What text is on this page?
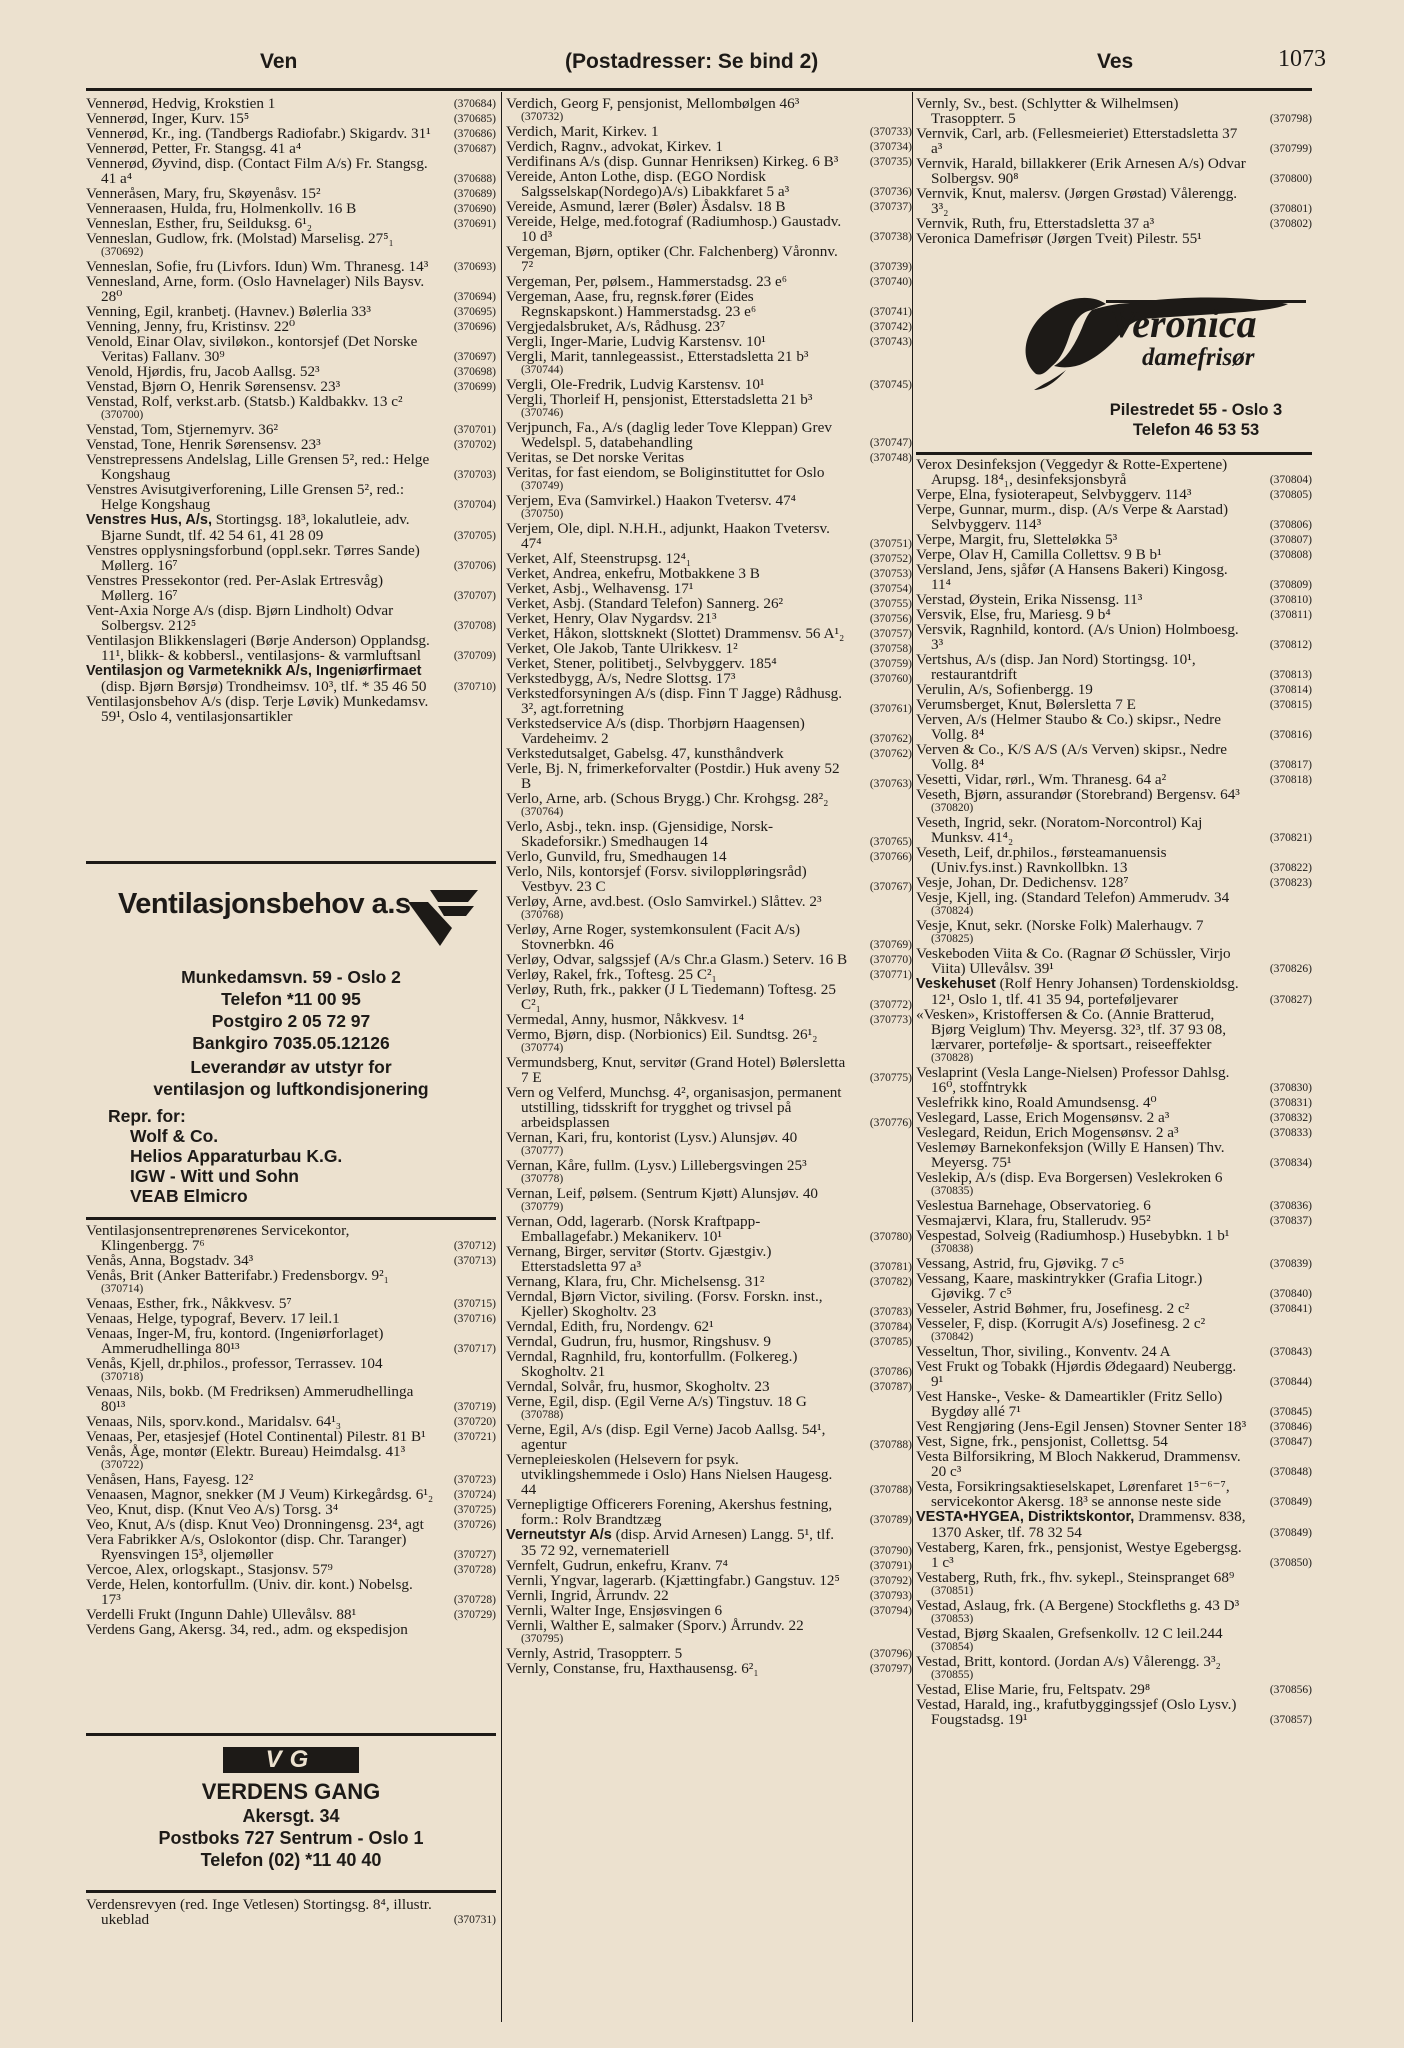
Ven	(Postadresser: Se bind 2)	Ves	1073
Vennerød, Hedvig, Krokstien 1	(370684)
Vennerød, Inger, Kurv. 15⁵	(370685)
Vennerød, Kr., ing. (Tandbergs Radiofabr.) Skigardv. 31¹ (370686)
Vennerød, Petter, Fr. Stangsg. 41 a⁴	(370687)
Vennerød, Øyvind, disp. (Contact Film A/s) Fr. Stangsg. 41 a⁴	(370688)
Venneråsen, Mary, fru, Skøyenåsv. 15²	(370689)
Venneraasen, Hulda, fru, Holmenkollv. 16 B	(370690)
Venneslan, Esther, fru, Seilduksg. 6¹₂	(370691)
Venneslan, Gudlow, frk. (Molstad) Marselisg. 27⁵₁
(370692)
Venneslan, Sofie, fru (Livfors. Idun) Wm. Thranesg. 14³ (370693)
Vennesland, Arne, form. (Oslo Havnelager) Nils Baysv. 28⁰	(370694)
Venning, Egil, kranbetj. (Havnev.) Bølerlia 33³	(370695)
Venning, Jenny, fru, Kristinsv. 22⁰	(370696)
Venold, Einar Olav, siviløkon., kontorsjef (Det Norske Veritas) Fallanv. 30⁹	(370697)
Venold, Hjørdis, fru, Jacob Aallsg. 52³	(370698)
Venstad, Bjørn O, Henrik Sørensensv. 23³	(370699)
Venstad, Rolf, verkst.arb. (Statsb.) Kaldbakkv. 13 c²
(370700)
Venstad, Tom, Stjernemyrv. 36²	(370701)
Venstad, Tone, Henrik Sørensensv. 23³	(370702)
Venstrepressens Andelslag, Lille Grensen 5², red.: Helge Kongshaug	(370703)
Venstres Avisutgiverforening, Lille Grensen 5², red.: Helge Kongshaug	(370704)
Venstres Hus, A/s, Stortingsg. 18³, lokalutleie, adv. Bjarne Sundt, tlf. 42 54 61, 41 28 09	(370705)
Venstres opplysningsforbund (oppl.sekr. Tørres Sande) Møllerg. 16⁷	(370706)
Venstres Pressekontor (red. Per-Aslak Ertresvåg) Møllerg. 16⁷	(370707)
Vent-Axia Norge A/s (disp. Bjørn Lindholt) Odvar Solbergsv. 212⁵	(370708)
Ventilasjon Blikkenslageri (Børje Anderson) Opplandsg. 11¹, blikk- & kobbersl., ventilasjons- & varmluftsanl	(370709)
Ventilasjon og Varmeteknikk A/s, Ingeniørfirmaet (disp. Bjørn Børsjø) Trondheimsv. 10³, tlf. * 35 46 50 (370710)
Ventilasjonsbehov A/s (disp. Terje Løvik) Munkedamsv. 59¹, Oslo 4, ventilasjonsartikler
Ventilasjonsbehov a.s
Munkedamsvn. 59 - Oslo 2
Telefon *11 00 95
Postgiro 2 05 72 97
Bankgiro 7035.05.12126
Leverandør av utstyr for
ventilasjon og luftkondisjonering
Repr. for:
Wolf & Co.
Helios Apparaturbau K.G.
IGW - Witt und Sohn
VEAB Elmicro
Ventilasjonsentreprenørenes Servicekontor, Klingenbergg. 7⁶	(370712)
Venås, Anna, Bogstadv. 34³	(370713)
Venås, Brit (Anker Batterifabr.) Fredensborgv. 9²₁
(370714)
Venaas, Esther, frk., Nåkkvesv. 5⁷	(370715)
Venaas, Helge, typograf, Beverv. 17 leil.1	(370716)
Venaas, Inger-M, fru, kontord. (Ingeniørforlaget) Ammerudhellinga 80¹³	(370717)
Venås, Kjell, dr.philos., professor, Terrassev. 104
(370718)
Venaas, Nils, bokb. (M Fredriksen) Ammerudhellinga 80¹³	(370719)
Venaas, Nils, sporv.kond., Maridalsv. 64¹₃	(370720)
Venaas, Per, etasjesjef (Hotel Continental) Pilestr. 81 B¹ (370721)
Venås, Åge, montør (Elektr. Bureau) Heimdalsg. 41³
(370722)
Venåsen, Hans, Fayesg. 12²	(370723)
Venaasen, Magnor, snekker (M J Veum) Kirkegårdsg. 6¹₂ (370724)
Veo, Knut, disp. (Knut Veo A/s) Torsg. 3⁴	(370725)
Veo, Knut, A/s (disp. Knut Veo) Dronningensg. 23⁴, agt	(370726)
Vera Fabrikker A/s, Oslokontor (disp. Chr. Taranger) Ryensvingen 15³, oljemøller	(370727)
Vercoe, Alex, orlogskapt., Stasjonsv. 57⁹	(370728)
Verde, Helen, kontorfullm. (Univ. dir. kont.) Nobelsg. 17³	(370728)
Verdelli Frukt (Ingunn Dahle) Ullevålsv. 88¹	(370729)
Verdens Gang, Akersg. 34, red., adm. og ekspedisjon
VG
VERDENS GANG
Akersgt. 34
Postboks 727 Sentrum - Oslo 1
Telefon (02) *11 40 40
Verdensrevyen (red. Inge Vetlesen) Stortingsg. 8⁴, illustr. ukeblad	(370731)
Verdich, Georg F, pensjonist, Mellombølgen 46³
(370732)
Verdich, Marit, Kirkev. 1	(370733)
Verdich, Ragnv., advokat, Kirkev. 1	(370734)
Verdifinans A/s (disp. Gunnar Henriksen) Kirkeg. 6 B³	(370735)
Vereide, Anton Lothe, disp. (EGO Nordisk Salgsselskap(Nordego)A/s) Libakkfaret 5 a³	(370736)
Vereide, Asmund, lærer (Bøler) Åsdalsv. 18 B	(370737)
Vereide, Helge, med.fotograf (Radiumhosp.) Gaustadv. 10 d³	(370738)
Vergeman, Bjørn, optiker (Chr. Falchenberg) Våronnv. 7²	(370739)
Vergeman, Per, pølsem., Hammerstadsg. 23 e⁶	(370740)
Vergeman, Aase, fru, regnsk.fører (Eides Regnskapskont.) Hammerstadsg. 23 e⁶	(370741)
Vergjedalsbruket, A/s, Rådhusg. 23⁷	(370742)
Vergli, Inger-Marie, Ludvig Karstensv. 10¹	(370743)
Vergli, Marit, tannlegeassist., Etterstadsletta 21 b³
(370744)
Vergli, Ole-Fredrik, Ludvig Karstensv. 10¹	(370745)
Vergli, Thorleif H, pensjonist, Etterstadsletta 21 b³
(370746)
Verjpunch, Fa., A/s (daglig leder Tove Kleppan) Grev Wedelspl. 5, databehandling	(370747)
Veritas, se Det norske Veritas	(370748)
Veritas, for fast eiendom, se Boliginstituttet for Oslo
(370749)
Verjem, Eva (Samvirkel.) Haakon Tvetersv. 47⁴
(370750)
Verjem, Ole, dipl. N.H.H., adjunkt, Haakon Tvetersv. 47⁴	(370751)
Verket, Alf, Steenstrupsg. 12⁴₁	(370752)
Verket, Andrea, enkefru, Motbakkene 3 B	(370753)
Verket, Asbj., Welhavensg. 17¹	(370754)
Verket, Asbj. (Standard Telefon) Sannerg. 26²	(370755)
Verket, Henry, Olav Nygardsv. 21³	(370756)
Verket, Håkon, slottsknekt (Slottet) Drammensv. 56 A¹₂ (370757)
Verket, Ole Jakob, Tante Ulrikkesv. 1²	(370758)
Verket, Stener, politibetj., Selvbyggerv. 185⁴	(370759)
Verkstedbygg, A/s, Nedre Slottsg. 17³	(370760)
Verkstedforsyningen A/s (disp. Finn T Jagge) Rådhusg. 3², agt.forretning	(370761)
Verkstedservice A/s (disp. Thorbjørn Haagensen) Vardeheimv. 2	(370762)
Verkstedutsalget, Gabelsg. 47, kunsthåndverk	(370762)
Verle, Bj. N, frimerkeforvalter (Postdir.) Huk aveny 52 B	(370763)
Verlo, Arne, arb. (Schous Brygg.) Chr. Krohgsg. 28²₂
(370764)
Verlo, Asbj., tekn. insp. (Gjensidige, Norsk-Skadeforsikr.) Smedhaugen 14	(370765)
Verlo, Gunvild, fru, Smedhaugen 14	(370766)
Verlo, Nils, kontorsjef (Forsv. siviloppløringsråd) Vestbyv. 23 C	(370767)
Verløy, Arne, avd.best. (Oslo Samvirkel.) Slåttev. 2³
(370768)
Verløy, Arne Roger, systemkonsulent (Facit A/s) Stovnerbkn. 46	(370769)
Verløy, Odvar, salgssjef (A/s Chr.a Glasm.) Seterv. 16 B (370770)
Verløy, Rakel, frk., Toftesg. 25 C²₁	(370771)
Verløy, Ruth, frk., pakker (J L Tiedemann) Toftesg. 25 C²₁	(370772)
Vermedal, Anny, husmor, Nåkkvesv. 1⁴	(370773)
Vermo, Bjørn, disp. (Norbionics) Eil. Sundtsg. 26¹₂
(370774)
Vermundsberg, Knut, servitør (Grand Hotel) Bølersletta 7 E	(370775)
Vern og Velferd, Munchsg. 4², organisasjon, permanent utstilling, tidsskrift for trygghet og trivsel på arbeidsplassen	(370776)
Vernan, Kari, fru, kontorist (Lysv.) Alunsjøv. 40
(370777)
Vernan, Kåre, fullm. (Lysv.) Lillebergsvingen 25³
(370778)
Vernan, Leif, pølsem. (Sentrum Kjøtt) Alunsjøv. 40
(370779)
Vernan, Odd, lagerarb. (Norsk Kraftpapp-Emballagefabr.) Mekanikerv. 10¹	(370780)
Vernang, Birger, servitør (Stortv. Gjæstgiv.) Etterstadsletta 97 a³	(370781)
Vernang, Klara, fru, Chr. Michelsensg. 31²	(370782)
Verndal, Bjørn Victor, siviling. (Forsv. Forskn. inst., Kjeller) Skogholtv. 23	(370783)
Verndal, Edith, fru, Nordengv. 62¹	(370784)
Verndal, Gudrun, fru, husmor, Ringshusv. 9	(370785)
Verndal, Ragnhild, fru, kontorfullm. (Folkereg.) Skogholtv. 21	(370786)
Verndal, Solvår, fru, husmor, Skogholtv. 23	(370787)
Verne, Egil, disp. (Egil Verne A/s) Tingstuv. 18 G
(370788)
Verne, Egil, A/s (disp. Egil Verne) Jacob Aallsg. 54¹, agentur	(370788)
Vernepleieskolen (Helsevern for psyk. utviklingshemmede i Oslo) Hans Nielsen Haugesg. 44	(370788)
Vernepligtige Officerers Forening, Akershus festning, form.: Rolv Brandtzæg	(370789)
Verneutstyr A/s (disp. Arvid Arnesen) Langg. 5¹, tlf. 35 72 92, vernemateriell	(370790)
Vernfelt, Gudrun, enkefru, Kranv. 7⁴	(370791)
Vernli, Yngvar, lagerarb. (Kjættingfabr.) Gangstuv. 12⁵	(370792)
Vernli, Ingrid, Årrundv. 22	(370793)
Vernli, Walter Inge, Ensjøsvingen 6	(370794)
Vernli, Walther E, salmaker (Sporv.) Årrundv. 22
(370795)
Vernly, Astrid, Trasoppterr. 5	(370796)
Vernly, Constanse, fru, Haxthausensg. 6²₁	(370797)
Vernly, Sv., best. (Schlytter & Wilhelmsen) Trasoppterr. 5	(370798)
Vernvik, Carl, arb. (Fellesmeieriet) Etterstadsletta 37 a³	(370799)
Vernvik, Harald, billakkerer (Erik Arnesen A/s) Odvar Solbergsv. 90⁸	(370800)
Vernvik, Knut, malersv. (Jørgen Grøstad) Vålerengg. 3³₂	(370801)
Vernvik, Ruth, fru, Etterstadsletta 37 a³	(370802)
Veronica Damefrisør (Jørgen Tveit) Pilestr. 55¹
Veronica
damefrisør
Pilestredet 55 - Oslo 3
Telefon 46 53 53
Verox Desinfeksjon (Veggedyr & Rotte-Expertene) Arupsg. 18⁴₁, desinfeksjonsbyrå	(370804)
Verpe, Elna, fysioterapeut, Selvbyggerv. 114³	(370805)
Verpe, Gunnar, murm., disp. (A/s Verpe & Aarstad) Selvbyggerv. 114³	(370806)
Verpe, Margit, fru, Sletteløkka 5³	(370807)
Verpe, Olav H, Camilla Collettsv. 9 B b¹	(370808)
Versland, Jens, sjåfør (A Hansens Bakeri) Kingosg. 11⁴	(370809)
Verstad, Øystein, Erika Nissensg. 11³	(370810)
Versvik, Else, fru, Mariesg. 9 b⁴	(370811)
Versvik, Ragnhild, kontord. (A/s Union) Holmboesg. 3³	(370812)
Vertshus, A/s (disp. Jan Nord) Stortingsg. 10¹, restaurantdrift	(370813)
Verulin, A/s, Sofienbergg. 19	(370814)
Verumsberget, Knut, Bølersletta 7 E	(370815)
Verven, A/s (Helmer Staubo & Co.) skipsr., Nedre Vollg. 8⁴	(370816)
Verven & Co., K/S A/S (A/s Verven) skipsr., Nedre Vollg. 8⁴	(370817)
Vesetti, Vidar, rørl., Wm. Thranesg. 64 a²	(370818)
Veseth, Bjørn, assurandør (Storebrand) Bergensv. 64³
(370820)
Veseth, Ingrid, sekr. (Noratom-Norcontrol) Kaj Munksv. 41⁴₂	(370821)
Veseth, Leif, dr.philos., førsteamanuensis (Univ.fys.inst.) Ravnkollbkn. 13	(370822)
Vesje, Johan, Dr. Dedichensv. 128⁷	(370823)
Vesje, Kjell, ing. (Standard Telefon) Ammerudv. 34
(370824)
Vesje, Knut, sekr. (Norske Folk) Malerhaugv. 7
(370825)
Veskeboden Viita & Co. (Ragnar Ø Schüssler, Virjo Viita) Ullevålsv. 39¹	(370826)
Veskehuset (Rolf Henry Johansen) Tordenskioldsg. 12¹, Oslo 1, tlf. 41 35 94, porteføljevarer	(370827)
«Vesken», Kristoffersen & Co. (Annie Bratterud, Bjørg Veiglum) Thv. Meyersg. 32³, tlf. 37 93 08, lærvarer, portefølje- & sportsart., reiseeffekter
(370828)
Veslaprint (Vesla Lange-Nielsen) Professor Dahlsg. 16⁰, stoffntrykk	(370830)
Veslefrikk kino, Roald Amundsensg. 4⁰	(370831)
Veslegard, Lasse, Erich Mogensønsv. 2 a³	(370832)
Veslegard, Reidun, Erich Mogensønsv. 2 a³	(370833)
Veslemøy Barnekonfeksjon (Willy E Hansen) Thv. Meyersg. 75¹	(370834)
Veslekip, A/s (disp. Eva Borgersen) Veslekroken 6
(370835)
Veslestua Barnehage, Observatorieg. 6	(370836)
Vesmajærvi, Klara, fru, Stallerudv. 95²	(370837)
Vespestad, Solveig (Radiumhosp.) Husebybkn. 1 b¹
(370838)
Vessang, Astrid, fru, Gjøvikg. 7 c⁵	(370839)
Vessang, Kaare, maskintrykker (Grafia Litogr.) Gjøvikg. 7 c⁵	(370840)
Vesseler, Astrid Bøhmer, fru, Josefinesg. 2 c²	(370841)
Vesseler, F, disp. (Korrugit A/s) Josefinesg. 2 c²
(370842)
Vesseltun, Thor, siviling., Konventv. 24 A	(370843)
Vest Frukt og Tobakk (Hjørdis Ødegaard) Neubergg. 9¹	(370844)
Vest Hanske-, Veske- & Dameartikler (Fritz Sello) Bygdøy allé 7¹	(370845)
Vest Rengjøring (Jens-Egil Jensen) Stovner Senter 18³ (370846)
Vest, Signe, frk., pensjonist, Collettsg. 54	(370847)
Vesta Bilforsikring, M Bloch Nakkerud, Drammensv. 20 c³	(370848)
Vesta, Forsikringsaktieselskapet, Lørenfaret 1⁵⁻⁶⁻⁷, servicekontor Akersg. 18³ se annonse neste side	(370849)
VESTA•HYGEA, Distriktskontor, Drammensv. 838, 1370 Asker, tlf. 78 32 54	(370849)
Vestaberg, Karen, frk., pensjonist, Westye Egebergsg. 1 c³	(370850)
Vestaberg, Ruth, frk., fhv. sykepl., Steinspranget 68⁹
(370851)
Vestad, Aslaug, frk. (A Bergene) Stockfleths g. 43 D³
(370853)
Vestad, Bjørg Skaalen, Grefsenkollv. 12 C leil.244
(370854)
Vestad, Britt, kontord. (Jordan A/s) Vålerengg. 3³₂
(370855)
Vestad, Elise Marie, fru, Feltspatv. 29⁸	(370856)
Vestad, Harald, ing., krafutbyggingssjef (Oslo Lysv.) Fougstadsg. 19¹	(370857)
